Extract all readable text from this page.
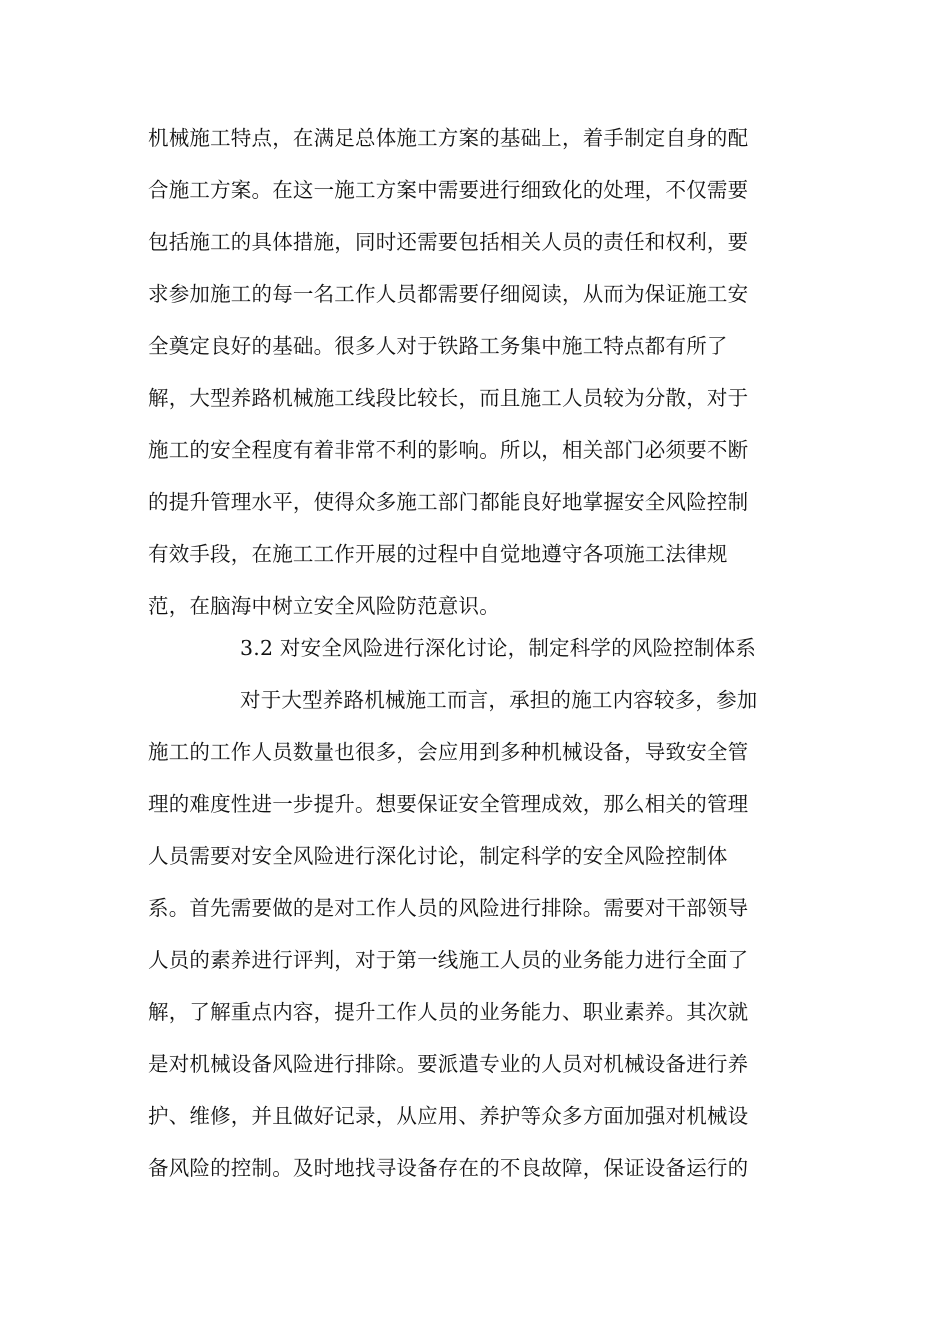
机械施工特点，在满足总体施工方案的基础上，着手制定自身的配
合施工方案。在这一施工方案中需要进行细致化的处理，不仅需要
包括施工的具体措施，同时还需要包括相关人员的责任和权利，要
求参加施工的每一名工作人员都需要仔细阅读，从而为保证施工安
全奠定良好的基础。很多人对于铁路工务集中施工特点都有所了
解，大型养路机械施工线段比较长，而且施工人员较为分散，对于
施工的安全程度有着非常不利的影响。所以，相关部门必须要不断
的提升管理水平，使得众多施工部门都能良好地掌握安全风险控制
有效手段，在施工工作开展的过程中自觉地遵守各项施工法律规
范，在脑海中树立安全风险防范意识。
3.2 对安全风险进行深化讨论，制定科学的风险控制体系
对于大型养路机械施工而言，承担的施工内容较多，参加
施工的工作人员数量也很多，会应用到多种机械设备，导致安全管
理的难度性进一步提升。想要保证安全管理成效，那么相关的管理
人员需要对安全风险进行深化讨论，制定科学的安全风险控制体
系。首先需要做的是对工作人员的风险进行排除。需要对干部领导
人员的素养进行评判，对于第一线施工人员的业务能力进行全面了
解，了解重点内容，提升工作人员的业务能力、职业素养。其次就
是对机械设备风险进行排除。要派遣专业的人员对机械设备进行养
护、维修，并且做好记录，从应用、养护等众多方面加强对机械设
备风险的控制。及时地找寻设备存在的不良故障，保证设备运行的
